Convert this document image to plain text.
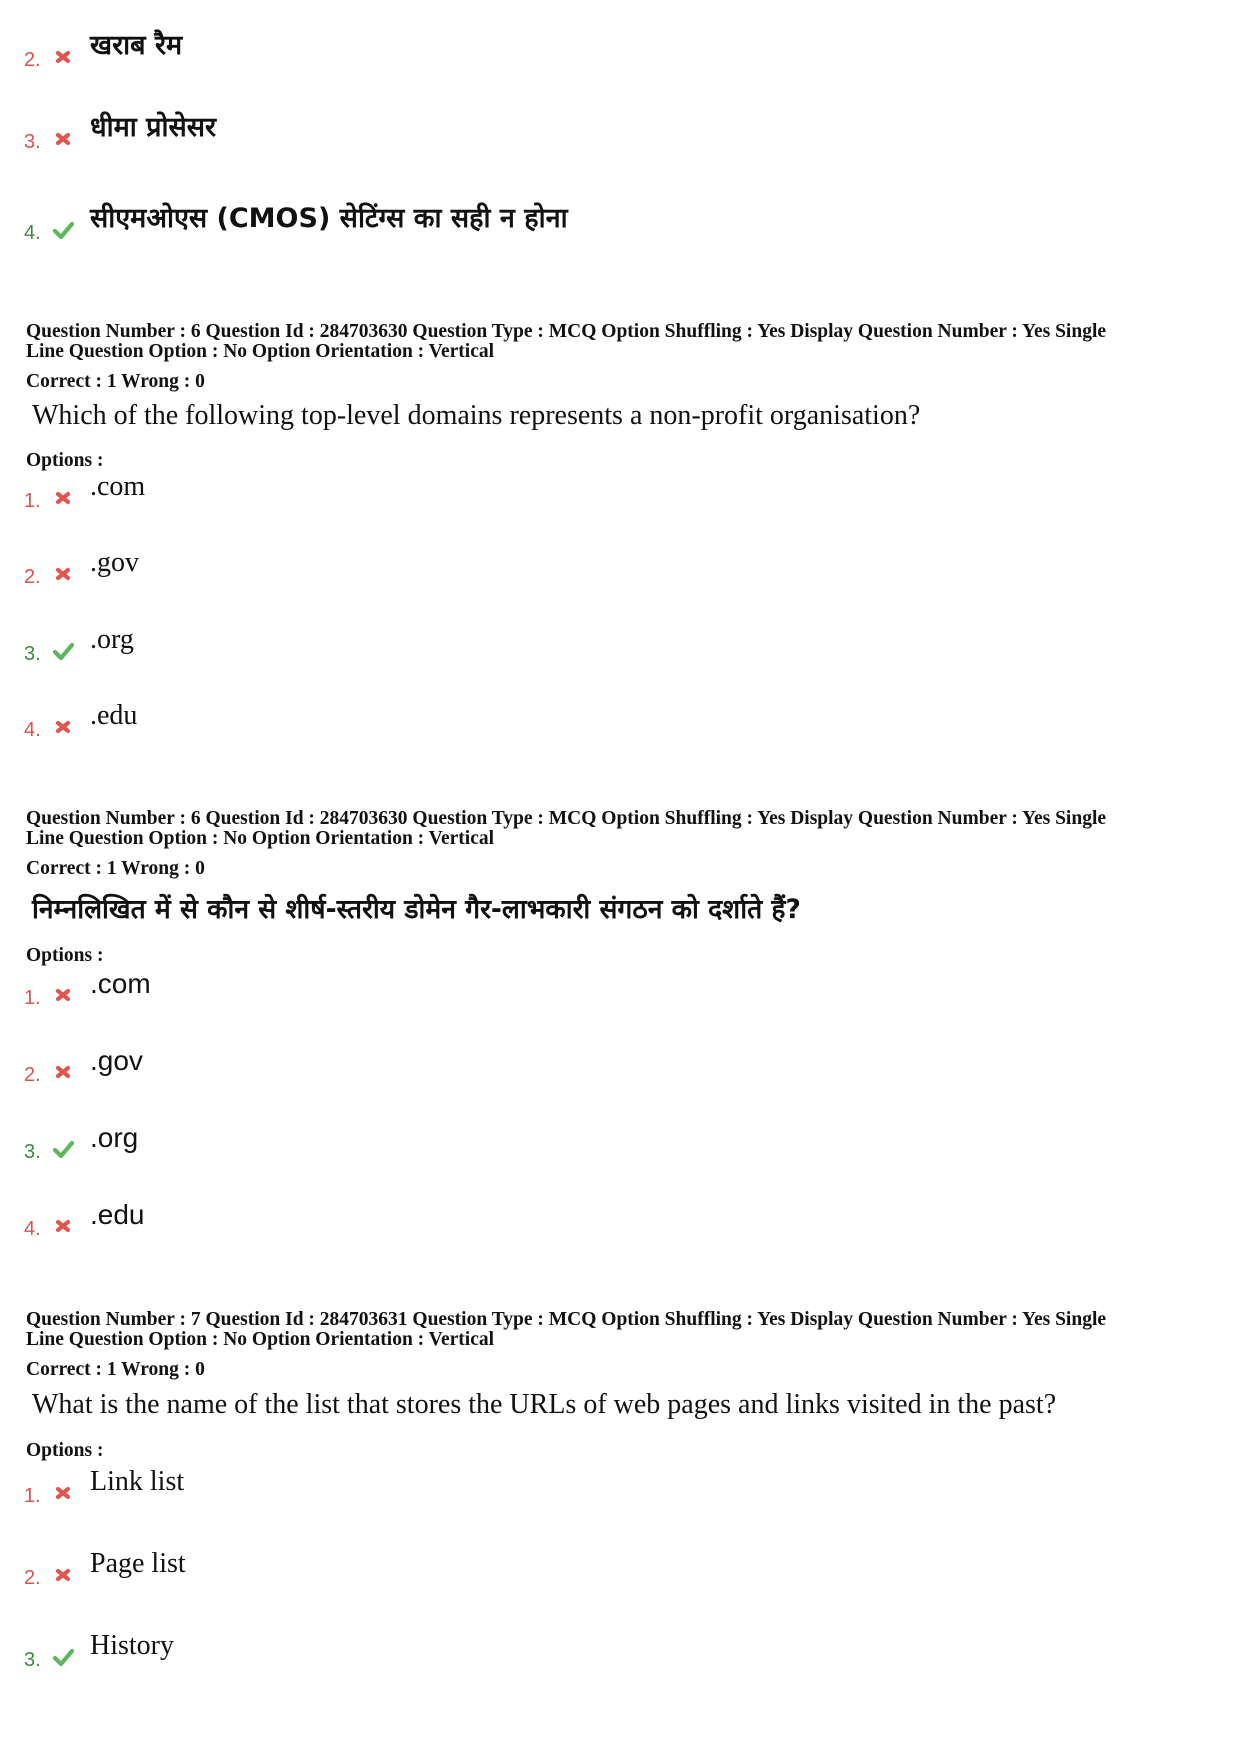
2. खराब रैम
3. धीमा प्रोसेसर
4. सीएमओएस (CMOS) सेटिंग्स का सही न होना
Question Number : 6 Question Id : 284703630 Question Type : MCQ Option Shuffling : Yes Display Question Number : Yes Single
Line Question Option : No Option Orientation : Vertical
Correct : 1 Wrong : 0
Which of the following top-level domains represents a non-profit organisation?
Options :
1. .com
2. .gov
3. .org
4. .edu
Question Number : 6 Question Id : 284703630 Question Type : MCQ Option Shuffling : Yes Display Question Number : Yes Single
Line Question Option : No Option Orientation : Vertical
Correct : 1 Wrong : 0
निम्नलिखित में से कौन से शीर्ष-स्तरीय डोमेन गैर-लाभकारी संगठन को दर्शाते हैं?
Options :
1. .com
2. .gov
3. .org
4. .edu
Question Number : 7 Question Id : 284703631 Question Type : MCQ Option Shuffling : Yes Display Question Number : Yes Single
Line Question Option : No Option Orientation : Vertical
Correct : 1 Wrong : 0
What is the name of the list that stores the URLs of web pages and links visited in the past?
Options :
1. Link list
2. Page list
3. History
